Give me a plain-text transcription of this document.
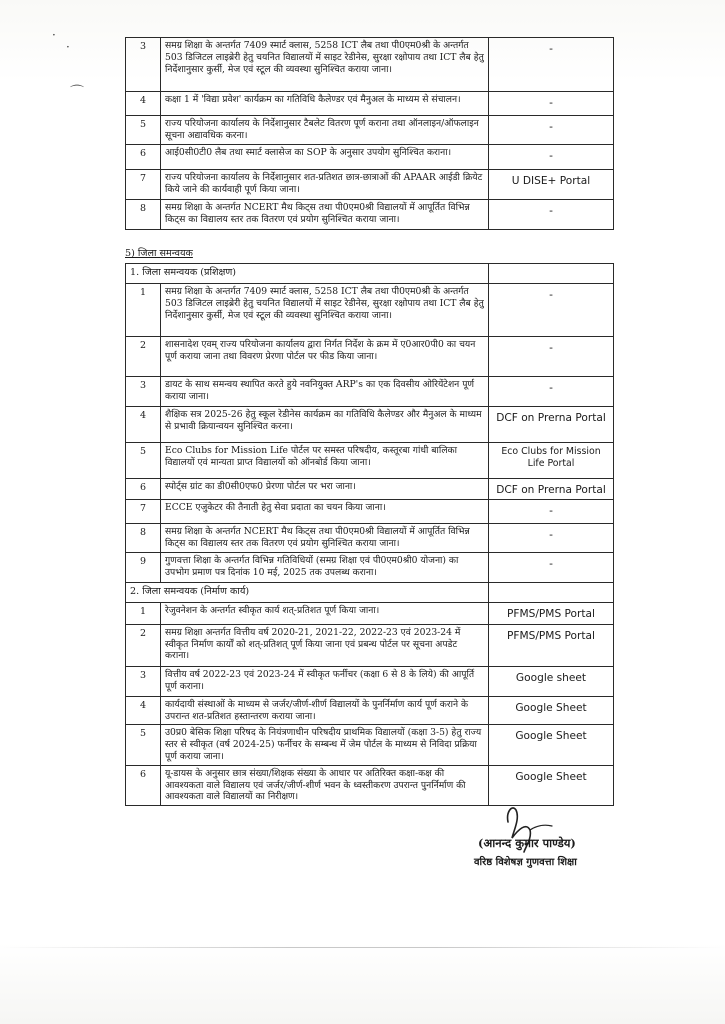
·
·
⌒
3	समग्र शिक्षा के अन्तर्गत 7409 स्मार्ट क्लास, 5258 ICT लैब तथा पी0एम0श्री के अन्तर्गत 503 डिजिटल लाइब्रेरी हेतु चयनित विद्यालयों में साइट रेडीनेस, सुरक्षा रक्षोपाय तथा ICT लैब हेतु निर्देशानुसार कुर्सी, मेज एवं स्टूल की व्यवस्था सुनिश्चित कराया जाना।	-
4	कक्षा 1 में 'विद्या प्रवेश' कार्यक्रम का गतिविधि कैलेण्डर एवं मैनुअल के माध्यम से संचालन।	-
5	राज्य परियोजना कार्यालय के निर्देशानुसार टैबलेट वितरण पूर्ण कराना तथा ऑनलाइन/ऑफलाइन सूचना अद्यावधिक करना।	-
6	आई0सी0टी0 लैब तथा स्मार्ट क्लासेज का SOP के अनुसार उपयोग सुनिश्चित कराना।	-
7	राज्य परियोजना कार्यालय के निर्देशानुसार शत-प्रतिशत छात्र-छात्राओं की APAAR आईडी क्रियेट किये जाने की कार्यवाही पूर्ण किया जाना।	U DISE+ Portal
8	समग्र शिक्षा के अन्तर्गत NCERT मैथ किट्स तथा पी0एम0श्री विद्यालयों में आपूर्तित विभिन्न किट्स का विद्यालय स्तर तक वितरण एवं प्रयोग सुनिश्चित कराया जाना।	-
5) जिला समन्वयक
1. जिला समन्वयक (प्रशिक्षण)		
1	समग्र शिक्षा के अन्तर्गत 7409 स्मार्ट क्लास, 5258 ICT लैब तथा पी0एम0श्री के अन्तर्गत 503 डिजिटल लाइब्रेरी हेतु चयनित विद्यालयों में साइट रेडीनेस, सुरक्षा रक्षोपाय तथा ICT लैब हेतु निर्देशानुसार कुर्सी, मेज एवं स्टूल की व्यवस्था सुनिश्चित कराया जाना।	-
2	शासनादेश एवम् राज्य परियोजना कार्यालय द्वारा निर्गत निर्देश के क्रम में ए0आर0पी0 का चयन पूर्ण कराया जाना तथा विवरण प्रेरणा पोर्टल पर फीड किया जाना।	-
3	डायट के साथ समन्वय स्थापित करते हुये नवनियुक्त ARP's का एक दिवसीय ओरियेंटेशन पूर्ण कराया जाना।	-
4	शैक्षिक सत्र 2025-26 हेतु स्कूल रेडीनेस कार्यक्रम का गतिविधि कैलेण्डर और मैनुअल के माध्यम से प्रभावी क्रियान्वयन सुनिश्चित करना।	DCF on Prerna Portal
5	Eco Clubs for Mission Life पोर्टल पर समस्त परिषदीय, कस्तूरबा गांधी बालिका विद्यालयों एवं मान्यता प्राप्त विद्यालयों को ऑनबोर्ड किया जाना।	Eco Clubs for Mission Life Portal
6	स्पोर्ट्स ग्रांट का डी0सी0एफ0 प्रेरणा पोर्टल पर भरा जाना।	DCF on Prerna Portal
7	ECCE एजुकेटर की तैनाती हेतु सेवा प्रदाता का चयन किया जाना।	-
8	समग्र शिक्षा के अन्तर्गत NCERT मैथ किट्स तथा पी0एम0श्री विद्यालयों में आपूर्तित विभिन्न किट्स का विद्यालय स्तर तक वितरण एवं प्रयोग सुनिश्चित कराया जाना।	-
9	गुणवत्ता शिक्षा के अन्तर्गत विभिन्न गतिविधियों (समग्र शिक्षा एवं पी0एम0श्री0 योजना) का उपभोग प्रमाण पत्र दिनांक 10 मई, 2025 तक उपलब्ध कराना।	-
2. जिला समन्वयक (निर्माण कार्य)		
1	रेजुवनेशन के अन्तर्गत स्वीकृत कार्य शत्-प्रतिशत पूर्ण किया जाना।	PFMS/PMS Portal
2	समग्र शिक्षा अन्तर्गत वित्तीय वर्ष 2020-21, 2021-22, 2022-23 एवं 2023-24 में स्वीकृत निर्माण कार्यों को शत्-प्रतिशत् पूर्ण किया जाना एवं प्रबन्ध पोर्टल पर सूचना अपडेट कराना।	PFMS/PMS Portal
3	वित्तीय वर्ष 2022-23 एवं 2023-24 में स्वीकृत फर्नीचर (कक्षा 6 से 8 के लिये) की आपूर्ति पूर्ण कराना।	Google sheet
4	कार्यदायी संस्थाओं के माध्यम से जर्जर/जीर्ण-शीर्ण विद्यालयों के पुनर्निर्माण कार्य पूर्ण कराने के उपरान्त शत-प्रतिशत हस्तान्तरण कराया जाना।	Google Sheet
5	उ0प्र0 बेसिक शिक्षा परिषद के नियंत्रणाधीन परिषदीय प्राथमिक विद्यालयों (कक्षा 3-5) हेतु राज्य स्तर से स्वीकृत (वर्ष 2024-25) फर्नीचर के सम्बन्ध में जेम पोर्टल के माध्यम से निविदा प्रक्रिया पूर्ण कराया जाना।	Google Sheet
6	यू-डायस के अनुसार छात्र संख्या/शिक्षक संख्या के आधार पर अतिरिक्त कक्षा-कक्ष की आवश्यकता वाले विद्यालय एवं जर्जर/जीर्ण-शीर्ण भवन के ध्वस्तीकरण उपरान्त पुनर्निर्माण की आवश्यकता वाले विद्यालयों का निरीक्षण।	Google Sheet
(आनन्द कुमार पाण्डेय)
वरिष्ठ विशेषज्ञ गुणवत्ता शिक्षा
